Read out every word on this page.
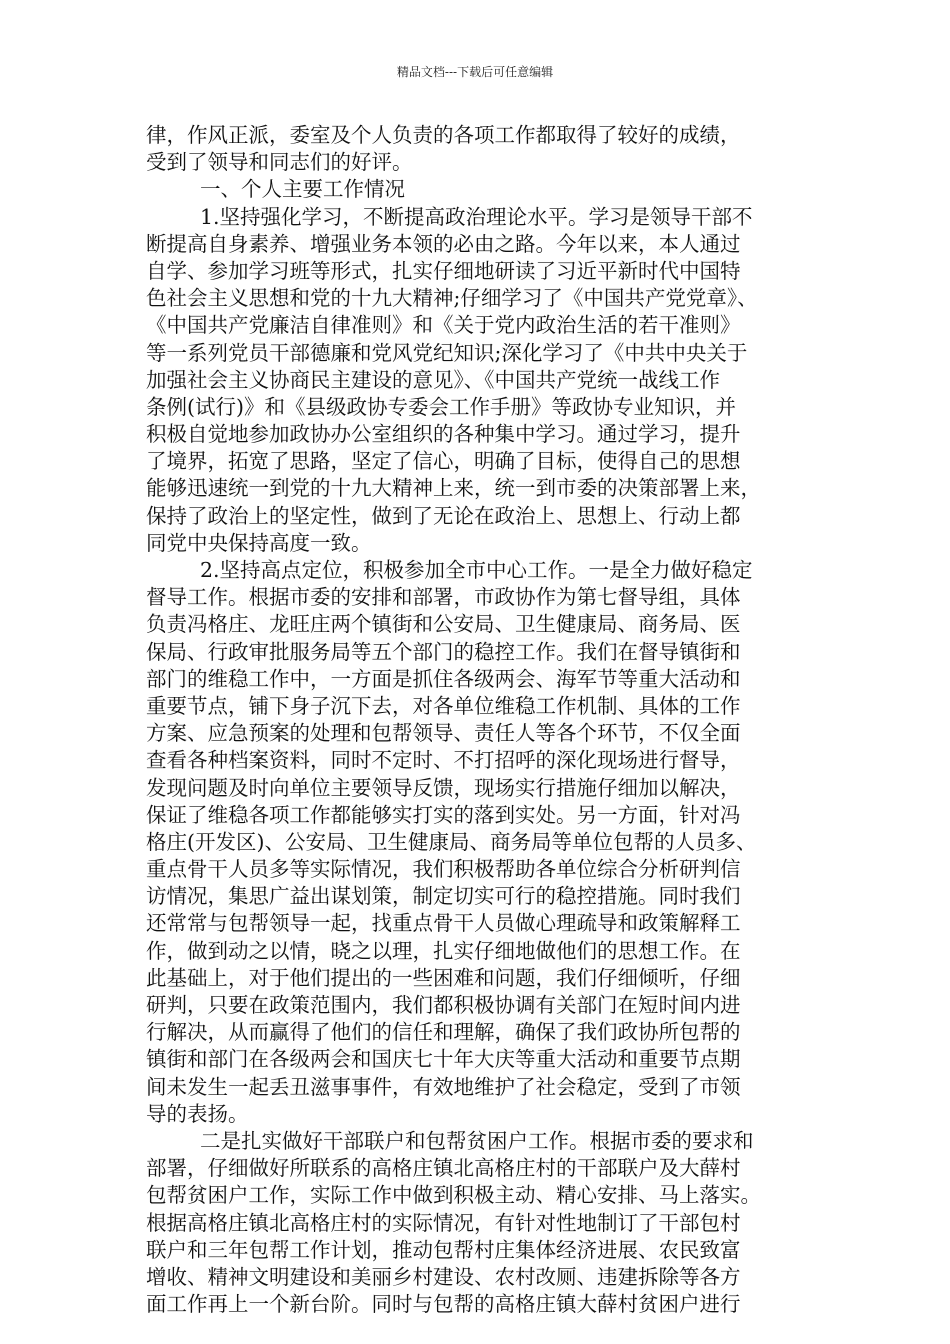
精品文档---下载后可任意编辑
律，作风正派，委室及个人负责的各项工作都取得了较好的成绩，
受到了领导和同志们的好评。
一、个人主要工作情况
1.坚持强化学习，不断提高政治理论水平。学习是领导干部不
断提高自身素养、增强业务本领的必由之路。今年以来，本人通过
自学、参加学习班等形式，扎实仔细地研读了习近平新时代中国特
色社会主义思想和党的十九大精神;仔细学习了《中国共产党党章》、
《中国共产党廉洁自律准则》和《关于党内政治生活的若干准则》
等一系列党员干部德廉和党风党纪知识;深化学习了《中共中央关于
加强社会主义协商民主建设的意见》、《中国共产党统一战线工作
条例(试行)》和《县级政协专委会工作手册》等政协专业知识，并
积极自觉地参加政协办公室组织的各种集中学习。通过学习，提升
了境界，拓宽了思路，坚定了信心，明确了目标，使得自己的思想
能够迅速统一到党的十九大精神上来，统一到市委的决策部署上来，
保持了政治上的坚定性，做到了无论在政治上、思想上、行动上都
同党中央保持高度一致。
2.坚持高点定位，积极参加全市中心工作。一是全力做好稳定
督导工作。根据市委的安排和部署，市政协作为第七督导组，具体
负责冯格庄、龙旺庄两个镇街和公安局、卫生健康局、商务局、医
保局、行政审批服务局等五个部门的稳控工作。我们在督导镇街和
部门的维稳工作中，一方面是抓住各级两会、海军节等重大活动和
重要节点，铺下身子沉下去，对各单位维稳工作机制、具体的工作
方案、应急预案的处理和包帮领导、责任人等各个环节，不仅全面
查看各种档案资料，同时不定时、不打招呼的深化现场进行督导，
发现问题及时向单位主要领导反馈，现场实行措施仔细加以解决，
保证了维稳各项工作都能够实打实的落到实处。另一方面，针对冯
格庄(开发区)、公安局、卫生健康局、商务局等单位包帮的人员多、
重点骨干人员多等实际情况，我们积极帮助各单位综合分析研判信
访情况，集思广益出谋划策，制定切实可行的稳控措施。同时我们
还常常与包帮领导一起，找重点骨干人员做心理疏导和政策解释工
作，做到动之以情，晓之以理，扎实仔细地做他们的思想工作。在
此基础上，对于他们提出的一些困难和问题，我们仔细倾听，仔细
研判，只要在政策范围内，我们都积极协调有关部门在短时间内进
行解决，从而赢得了他们的信任和理解，确保了我们政协所包帮的
镇街和部门在各级两会和国庆七十年大庆等重大活动和重要节点期
间未发生一起丢丑滋事事件，有效地维护了社会稳定，受到了市领
导的表扬。
二是扎实做好干部联户和包帮贫困户工作。根据市委的要求和
部署，仔细做好所联系的高格庄镇北高格庄村的干部联户及大薛村
包帮贫困户工作，实际工作中做到积极主动、精心安排、马上落实。
根据高格庄镇北高格庄村的实际情况，有针对性地制订了干部包村
联户和三年包帮工作计划，推动包帮村庄集体经济进展、农民致富
增收、精神文明建设和美丽乡村建设、农村改厕、违建拆除等各方
面工作再上一个新台阶。同时与包帮的高格庄镇大薛村贫困户进行
